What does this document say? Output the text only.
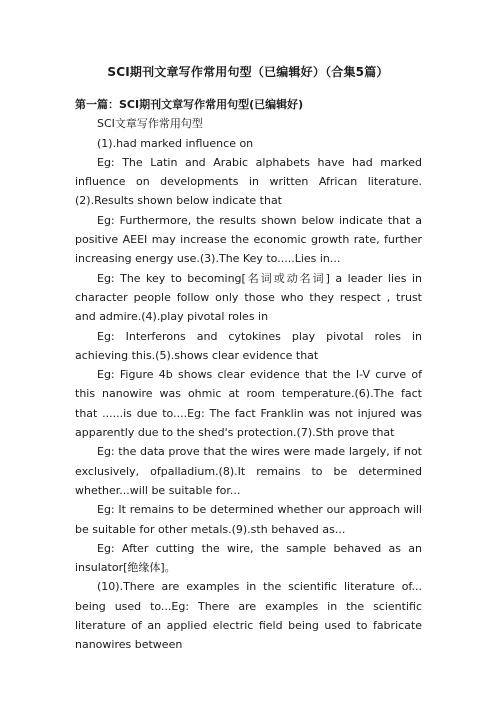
SCI期刊文章写作常用句型（已编辑好）（合集5篇）

第一篇：SCI期刊文章写作常用句型(已编辑好)

SCI文章写作常用句型

(1).had marked influence on

Eg: The Latin and Arabic alphabets have had marked influence on developments in written African literature.(2).Results shown below indicate that

Eg: Furthermore, the results shown below indicate that a positive AEEI may increase the economic growth rate, further increasing energy use.(3).The Key to.....Lies in...

Eg: The key to becoming[名词或动名词] a leader lies in character people follow only those who they respect , trust and admire.(4).play pivotal roles in

Eg: Interferons and cytokines play pivotal roles in achieving this.(5).shows clear evidence that

Eg: Figure 4b shows clear evidence that the I-V curve of this nanowire was ohmic at room temperature.(6).The fact that ......is due to....Eg: The fact Franklin was not injured was apparently due to the shed's protection.(7).Sth prove that

Eg: the data prove that the wires were made largely, if not exclusively, ofpalladium.(8).It remains to be determined whether...will be suitable for...

Eg: It remains to be determined whether our approach will be suitable for other metals.(9).sth behaved as...

Eg: After cutting the wire, the sample behaved as an insulator[绝缘体]。

(10).There are examples in the scientific literature of... being used to...Eg: There are examples in the scientific literature of an applied electric field being used to fabricate nanowires between
